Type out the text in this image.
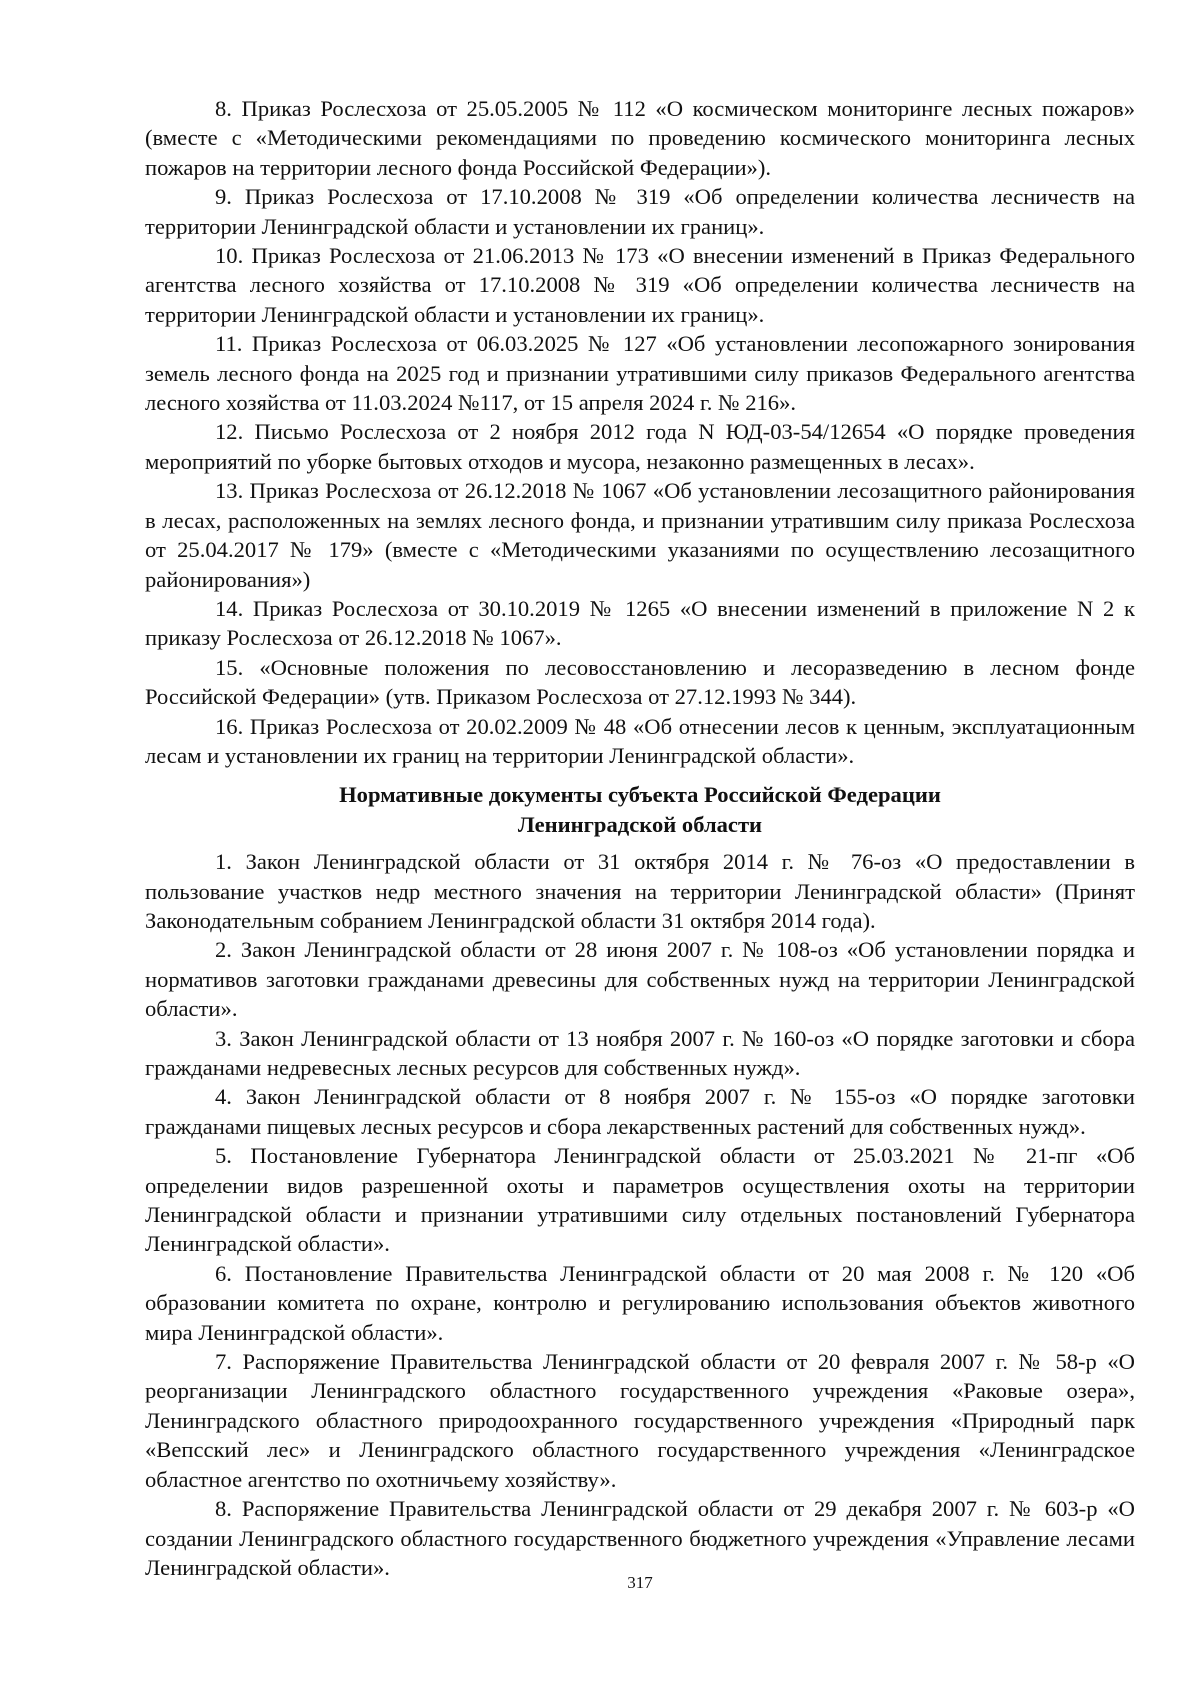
8. Приказ Рослесхоза от 25.05.2005 № 112 «О космическом мониторинге лесных пожаров» (вместе с «Методическими рекомендациями по проведению космического мониторинга лесных пожаров на территории лесного фонда Российской Федерации»).

9. Приказ Рослесхоза от 17.10.2008 № 319 «Об определении количества лесничеств на территории Ленинградской области и установлении их границ».

10. Приказ Рослесхоза от 21.06.2013 № 173 «О внесении изменений в Приказ Федерального агентства лесного хозяйства от 17.10.2008 № 319 «Об определении количества лесничеств на территории Ленинградской области и установлении их границ».

11. Приказ Рослесхоза от 06.03.2025 № 127 «Об установлении лесопожарного зонирования земель лесного фонда на 2025 год и признании утратившими силу приказов Федерального агентства лесного хозяйства от 11.03.2024 №117, от 15 апреля 2024 г. № 216».

12. Письмо Рослесхоза от 2 ноября 2012 года N ЮД-03-54/12654 «О порядке проведения мероприятий по уборке бытовых отходов и мусора, незаконно размещенных в лесах».

13. Приказ Рослесхоза от 26.12.2018 № 1067 «Об установлении лесозащитного районирования в лесах, расположенных на землях лесного фонда, и признании утратившим силу приказа Рослесхоза от 25.04.2017 № 179» (вместе с «Методическими указаниями по осуществлению лесозащитного районирования»)

14. Приказ Рослесхоза от 30.10.2019 № 1265 «О внесении изменений в приложение N 2 к приказу Рослесхоза от 26.12.2018 № 1067».

15. «Основные положения по лесовосстановлению и лесоразведению в лесном фонде Российской Федерации» (утв. Приказом Рослесхоза от 27.12.1993 № 344).

16. Приказ Рослесхоза от 20.02.2009 № 48 «Об отнесении лесов к ценным, эксплуатационным лесам и установлении их границ на территории Ленинградской области».

Нормативные документы субъекта Российской Федерации
Ленинградской области

1. Закон Ленинградской области от 31 октября 2014 г. № 76-оз «О предоставлении в пользование участков недр местного значения на территории Ленинградской области» (Принят Законодательным собранием Ленинградской области 31 октября 2014 года).

2. Закон Ленинградской области от 28 июня 2007 г. № 108-оз «Об установлении порядка и нормативов заготовки гражданами древесины для собственных нужд на территории Ленинградской области».

3. Закон Ленинградской области от 13 ноября 2007 г. № 160-оз «О порядке заготовки и сбора гражданами недревесных лесных ресурсов для собственных нужд».

4. Закон Ленинградской области от 8 ноября 2007 г. № 155-оз «О порядке заготовки гражданами пищевых лесных ресурсов и сбора лекарственных растений для собственных нужд».

5. Постановление Губернатора Ленинградской области от 25.03.2021 № 21-пг «Об определении видов разрешенной охоты и параметров осуществления охоты на территории Ленинградской области и признании утратившими силу отдельных постановлений Губернатора Ленинградской области».

6. Постановление Правительства Ленинградской области от 20 мая 2008 г. № 120 «Об образовании комитета по охране, контролю и регулированию использования объектов животного мира Ленинградской области».

7. Распоряжение Правительства Ленинградской области от 20 февраля 2007 г. № 58-р «О реорганизации Ленинградского областного государственного учреждения «Раковые озера», Ленинградского областного природоохранного государственного учреждения «Природный парк «Вепсский лес» и Ленинградского областного государственного учреждения «Ленинградское областное агентство по охотничьему хозяйству».

8. Распоряжение Правительства Ленинградской области от 29 декабря 2007 г. № 603-р «О создании Ленинградского областного государственного бюджетного учреждения «Управление лесами Ленинградской области».

317
